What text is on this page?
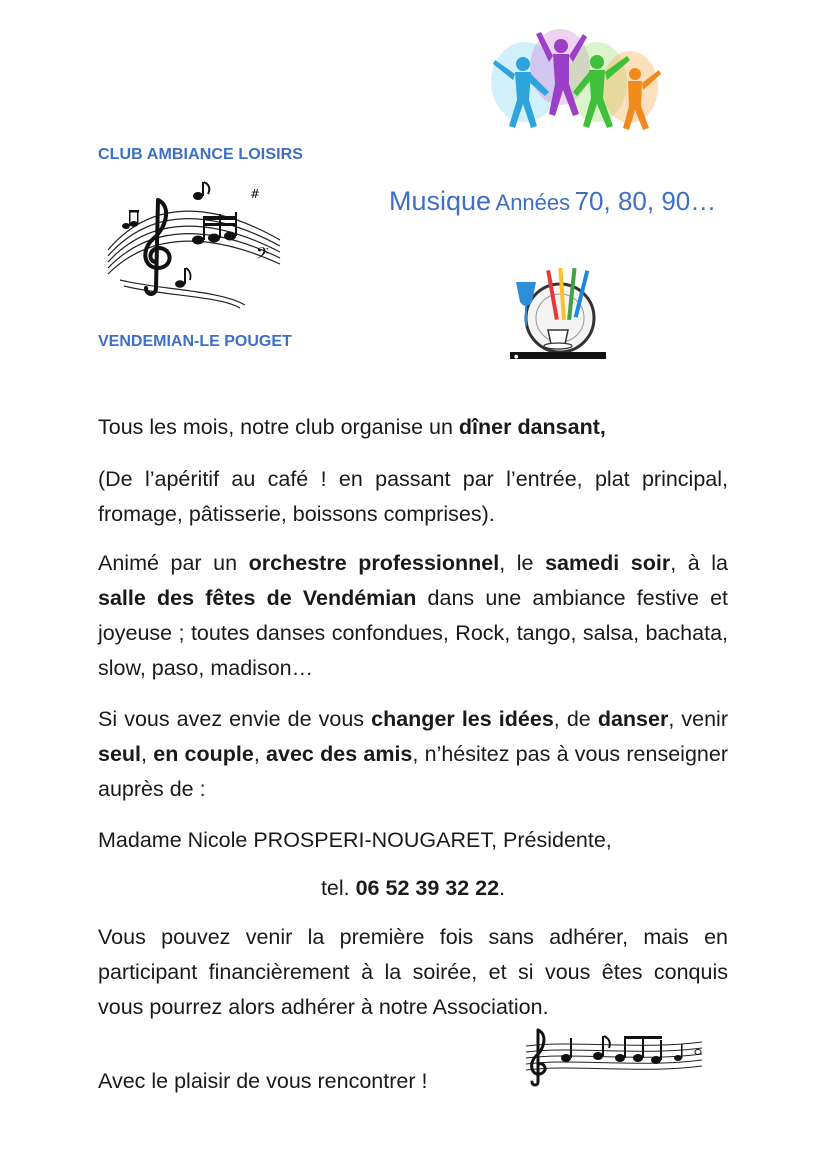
CLUB AMBIANCE LOISIRS
#
𝄢
VENDEMIAN-LE POUGET
Musique Années 70, 80, 90…
●
Tous les mois, notre club organise un dîner dansant,
(De l’apéritif au café ! en passant par l’entrée, plat principal, fromage, pâtisserie, boissons comprises).
Animé par un orchestre professionnel, le samedi soir, à la salle des fêtes de Vendémian dans une ambiance festive et joyeuse ; toutes danses confondues, Rock, tango, salsa, bachata, slow, paso, madison…
Si vous avez envie de vous changer les idées, de danser, venir seul, en couple, avec des amis, n’hésitez pas à vous renseigner auprès de :
Madame Nicole PROSPERI-NOUGARET, Présidente,
tel. 06 52 39 32 22.
Vous pouvez venir la première fois sans adhérer, mais en participant financièrement à la soirée, et si vous êtes conquis vous pourrez alors adhérer à notre Association.
Avec le plaisir de vous rencontrer !
